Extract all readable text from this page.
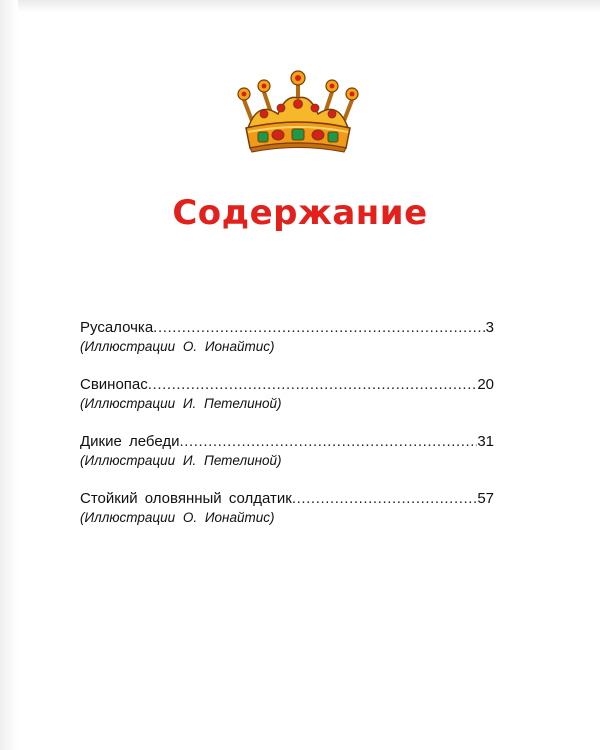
Содержание
Русалочка .....	3
(Иллюстрации О. Ионайтис)
Свинопас .....	20
(Иллюстрации И. Петелиной)
Дикие лебеди .....	31
(Иллюстрации И. Петелиной)
Стойкий оловянный солдатик .....	57
(Иллюстрации О. Ионайтис)
